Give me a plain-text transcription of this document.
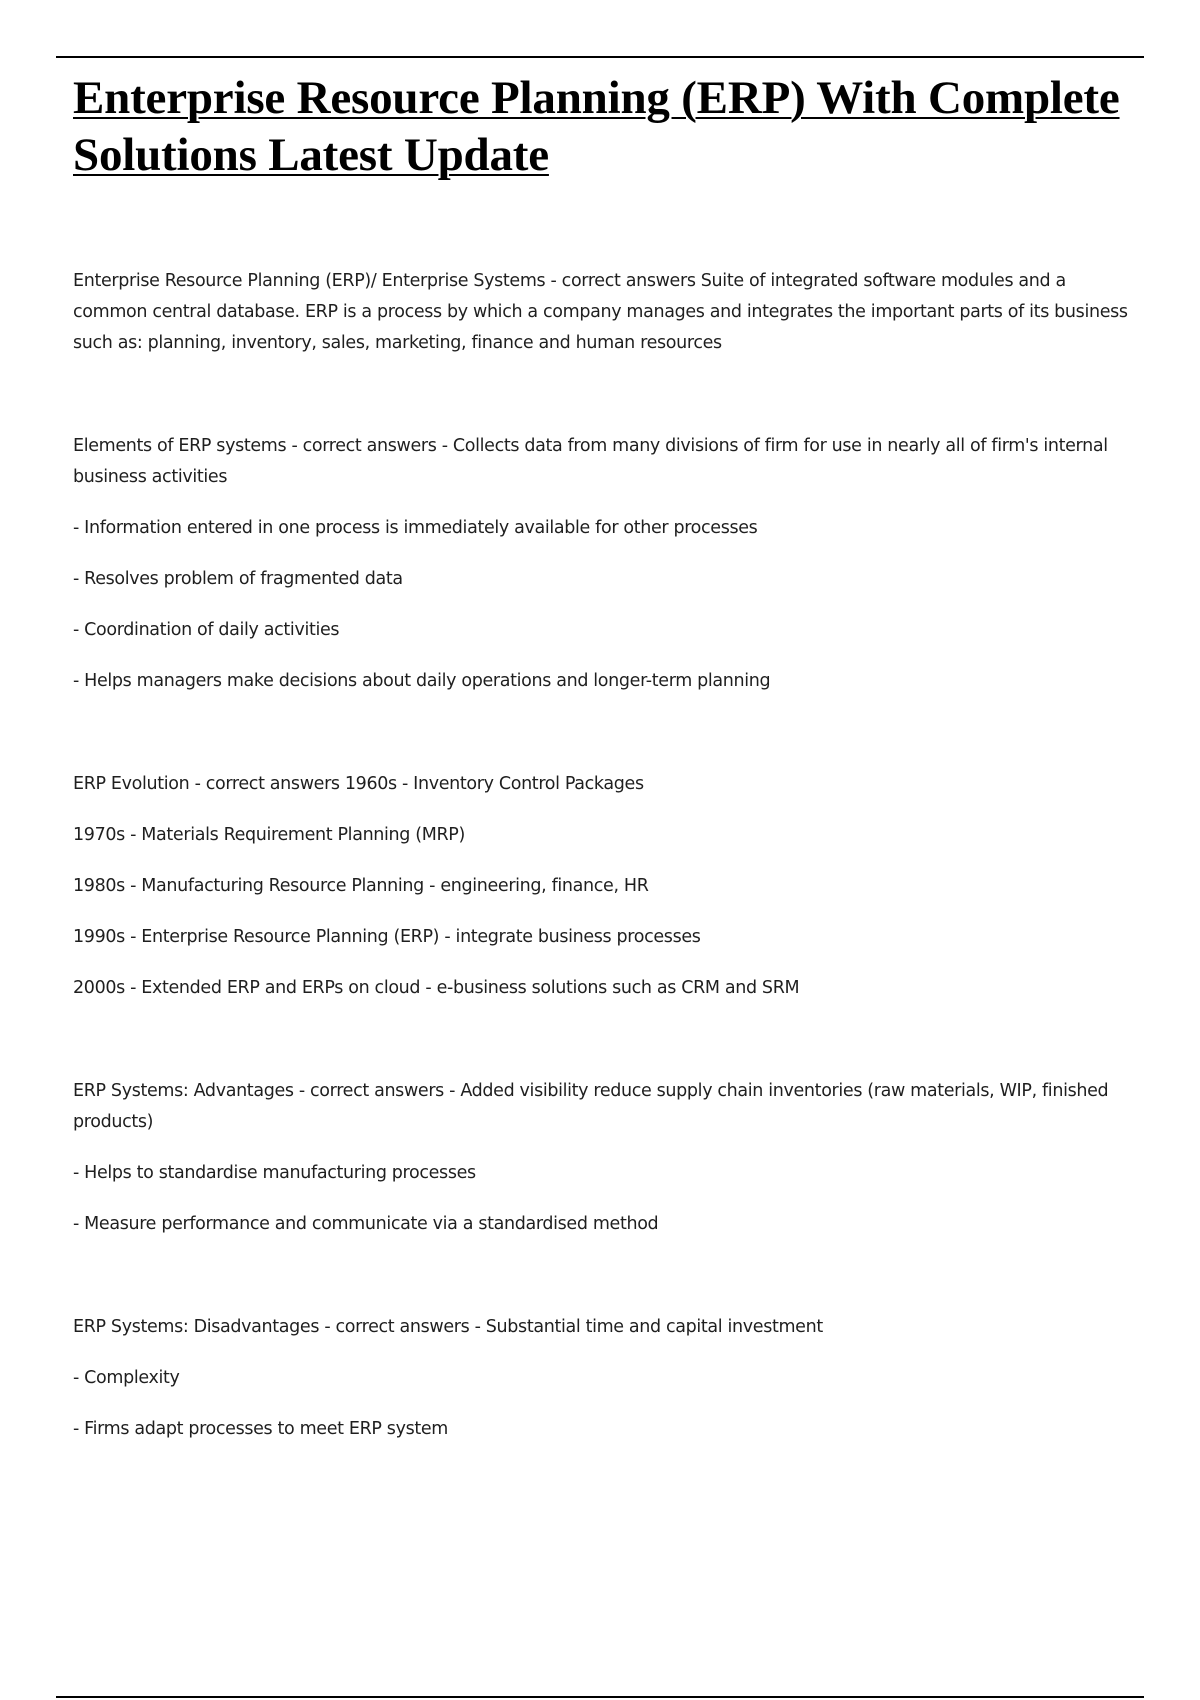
Enterprise Resource Planning (ERP) With Complete Solutions Latest Update

Enterprise Resource Planning (ERP)/ Enterprise Systems - correct answers Suite of integrated software modules and a common central database. ERP is a process by which a company manages and integrates the important parts of its business such as: planning, inventory, sales, marketing, finance and human resources

Elements of ERP systems - correct answers - Collects data from many divisions of firm for use in nearly all of firm's internal business activities

- Information entered in one process is immediately available for other processes

- Resolves problem of fragmented data

- Coordination of daily activities

- Helps managers make decisions about daily operations and longer-term planning

ERP Evolution - correct answers 1960s - Inventory Control Packages

1970s - Materials Requirement Planning (MRP)

1980s - Manufacturing Resource Planning - engineering, finance, HR

1990s - Enterprise Resource Planning (ERP) - integrate business processes

2000s - Extended ERP and ERPs on cloud - e-business solutions such as CRM and SRM

ERP Systems: Advantages - correct answers - Added visibility reduce supply chain inventories (raw materials, WIP, finished products)

- Helps to standardise manufacturing processes

- Measure performance and communicate via a standardised method

ERP Systems: Disadvantages - correct answers - Substantial time and capital investment

- Complexity

- Firms adapt processes to meet ERP system
